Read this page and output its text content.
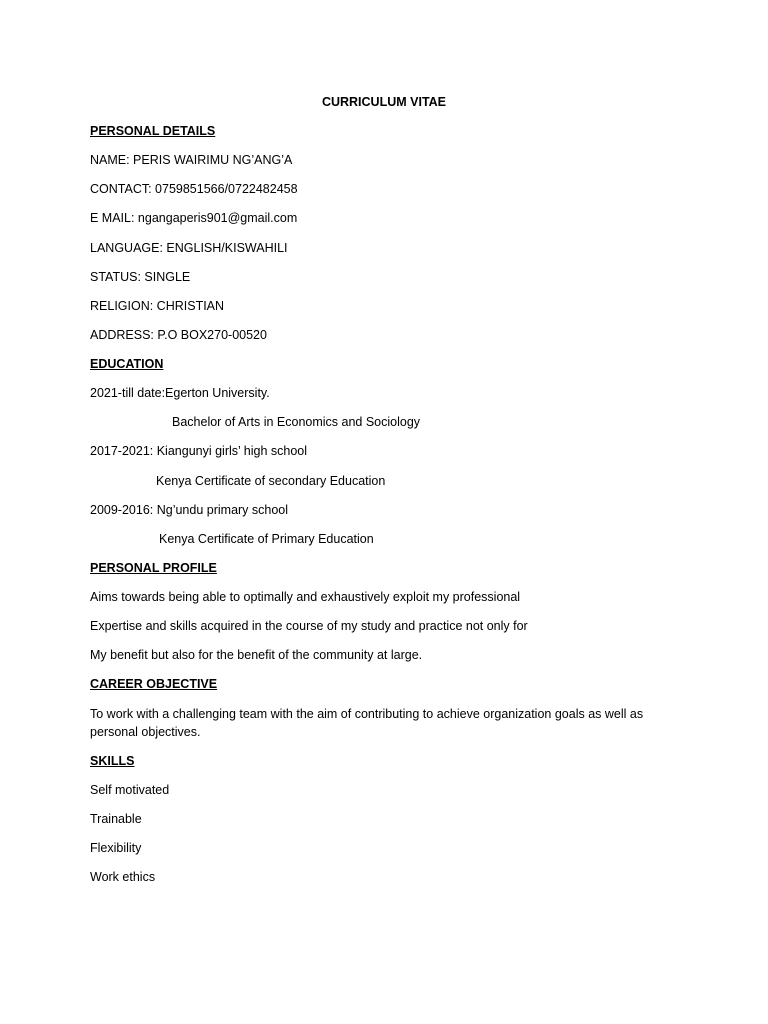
CURRICULUM VITAE
PERSONAL DETAILS
NAME: PERIS WAIRIMU NG’ANG’A
CONTACT: 0759851566/0722482458
E MAIL: ngangaperis901@gmail.com
LANGUAGE: ENGLISH/KISWAHILI
STATUS: SINGLE
RELIGION: CHRISTIAN
ADDRESS: P.O BOX270-00520
EDUCATION
2021-till date:Egerton University.
Bachelor of Arts in Economics and Sociology
2017-2021: Kiangunyi girls’ high school
Kenya Certificate of secondary Education
2009-2016: Ng’undu primary school
Kenya Certificate of Primary Education
PERSONAL PROFILE
Aims towards being able to optimally and exhaustively exploit my professional
Expertise and skills acquired in the course of my study and practice not only for
My benefit but also for the benefit of the community at large.
CAREER OBJECTIVE
To work with a challenging team with the aim of contributing to achieve organization goals as well as personal objectives.
SKILLS
Self motivated
Trainable
Flexibility
Work ethics
